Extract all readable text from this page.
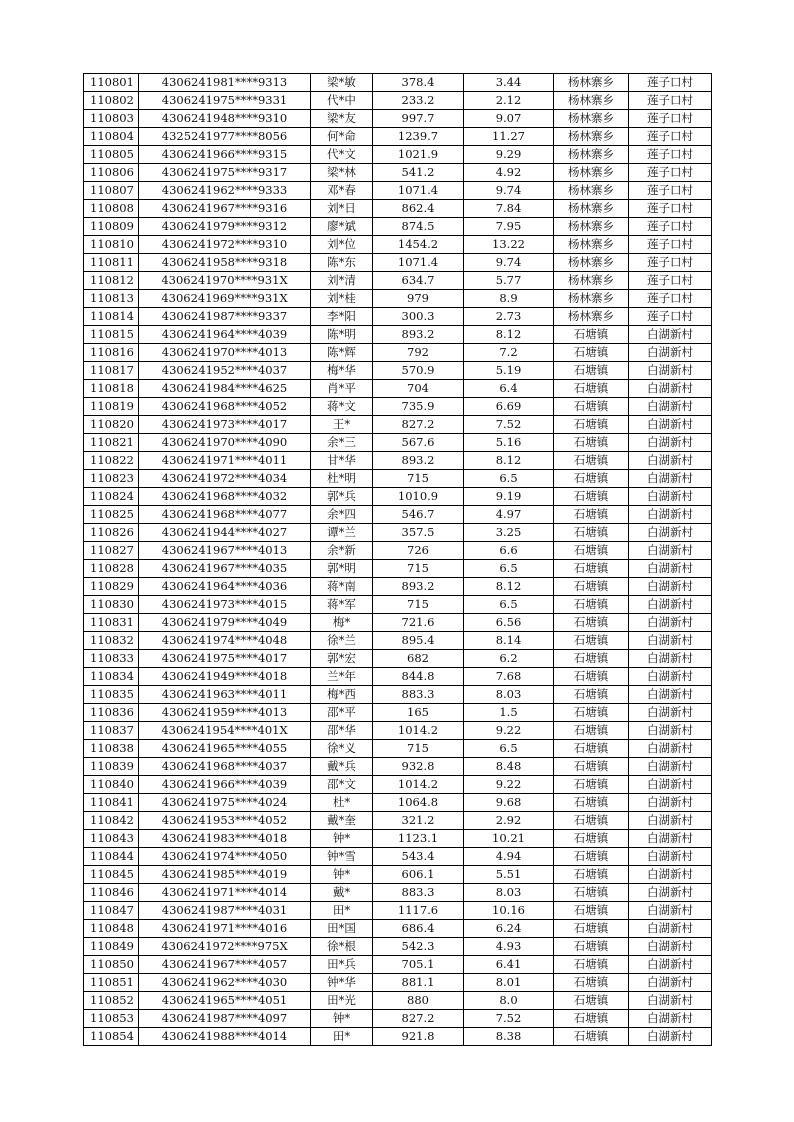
110801	4306241981****9313	梁*敏	378.4	3.44	杨林寨乡	莲子口村
110802	4306241975****9331	代*中	233.2	2.12	杨林寨乡	莲子口村
110803	4306241948****9310	梁*友	997.7	9.07	杨林寨乡	莲子口村
110804	4325241977****8056	何*命	1239.7	11.27	杨林寨乡	莲子口村
110805	4306241966****9315	代*文	1021.9	9.29	杨林寨乡	莲子口村
110806	4306241975****9317	梁*林	541.2	4.92	杨林寨乡	莲子口村
110807	4306241962****9333	邓*春	1071.4	9.74	杨林寨乡	莲子口村
110808	4306241967****9316	刘*日	862.4	7.84	杨林寨乡	莲子口村
110809	4306241979****9312	廖*斌	874.5	7.95	杨林寨乡	莲子口村
110810	4306241972****9310	刘*位	1454.2	13.22	杨林寨乡	莲子口村
110811	4306241958****9318	陈*东	1071.4	9.74	杨林寨乡	莲子口村
110812	4306241970****931X	刘*清	634.7	5.77	杨林寨乡	莲子口村
110813	4306241969****931X	刘*桂	979	8.9	杨林寨乡	莲子口村
110814	4306241987****9337	李*阳	300.3	2.73	杨林寨乡	莲子口村
110815	4306241964****4039	陈*明	893.2	8.12	石塘镇	白湖新村
110816	4306241970****4013	陈*辉	792	7.2	石塘镇	白湖新村
110817	4306241952****4037	梅*华	570.9	5.19	石塘镇	白湖新村
110818	4306241984****4625	肖*平	704	6.4	石塘镇	白湖新村
110819	4306241968****4052	蒋*文	735.9	6.69	石塘镇	白湖新村
110820	4306241973****4017	王*	827.2	7.52	石塘镇	白湖新村
110821	4306241970****4090	余*三	567.6	5.16	石塘镇	白湖新村
110822	4306241971****4011	甘*华	893.2	8.12	石塘镇	白湖新村
110823	4306241972****4034	杜*明	715	6.5	石塘镇	白湖新村
110824	4306241968****4032	郭*兵	1010.9	9.19	石塘镇	白湖新村
110825	4306241968****4077	余*四	546.7	4.97	石塘镇	白湖新村
110826	4306241944****4027	谭*兰	357.5	3.25	石塘镇	白湖新村
110827	4306241967****4013	余*新	726	6.6	石塘镇	白湖新村
110828	4306241967****4035	郭*明	715	6.5	石塘镇	白湖新村
110829	4306241964****4036	蒋*南	893.2	8.12	石塘镇	白湖新村
110830	4306241973****4015	蒋*军	715	6.5	石塘镇	白湖新村
110831	4306241979****4049	梅*	721.6	6.56	石塘镇	白湖新村
110832	4306241974****4048	徐*兰	895.4	8.14	石塘镇	白湖新村
110833	4306241975****4017	郭*宏	682	6.2	石塘镇	白湖新村
110834	4306241949****4018	兰*年	844.8	7.68	石塘镇	白湖新村
110835	4306241963****4011	梅*西	883.3	8.03	石塘镇	白湖新村
110836	4306241959****4013	邵*平	165	1.5	石塘镇	白湖新村
110837	4306241954****401X	邵*华	1014.2	9.22	石塘镇	白湖新村
110838	4306241965****4055	徐*义	715	6.5	石塘镇	白湖新村
110839	4306241968****4037	戴*兵	932.8	8.48	石塘镇	白湖新村
110840	4306241966****4039	邵*文	1014.2	9.22	石塘镇	白湖新村
110841	4306241975****4024	杜*	1064.8	9.68	石塘镇	白湖新村
110842	4306241953****4052	戴*奎	321.2	2.92	石塘镇	白湖新村
110843	4306241983****4018	钟*	1123.1	10.21	石塘镇	白湖新村
110844	4306241974****4050	钟*雪	543.4	4.94	石塘镇	白湖新村
110845	4306241985****4019	钟*	606.1	5.51	石塘镇	白湖新村
110846	4306241971****4014	戴*	883.3	8.03	石塘镇	白湖新村
110847	4306241987****4031	田*	1117.6	10.16	石塘镇	白湖新村
110848	4306241971****4016	田*国	686.4	6.24	石塘镇	白湖新村
110849	4306241972****975X	徐*根	542.3	4.93	石塘镇	白湖新村
110850	4306241967****4057	田*兵	705.1	6.41	石塘镇	白湖新村
110851	4306241962****4030	钟*华	881.1	8.01	石塘镇	白湖新村
110852	4306241965****4051	田*光	880	8.0	石塘镇	白湖新村
110853	4306241987****4097	钟*	827.2	7.52	石塘镇	白湖新村
110854	4306241988****4014	田*	921.8	8.38	石塘镇	白湖新村
